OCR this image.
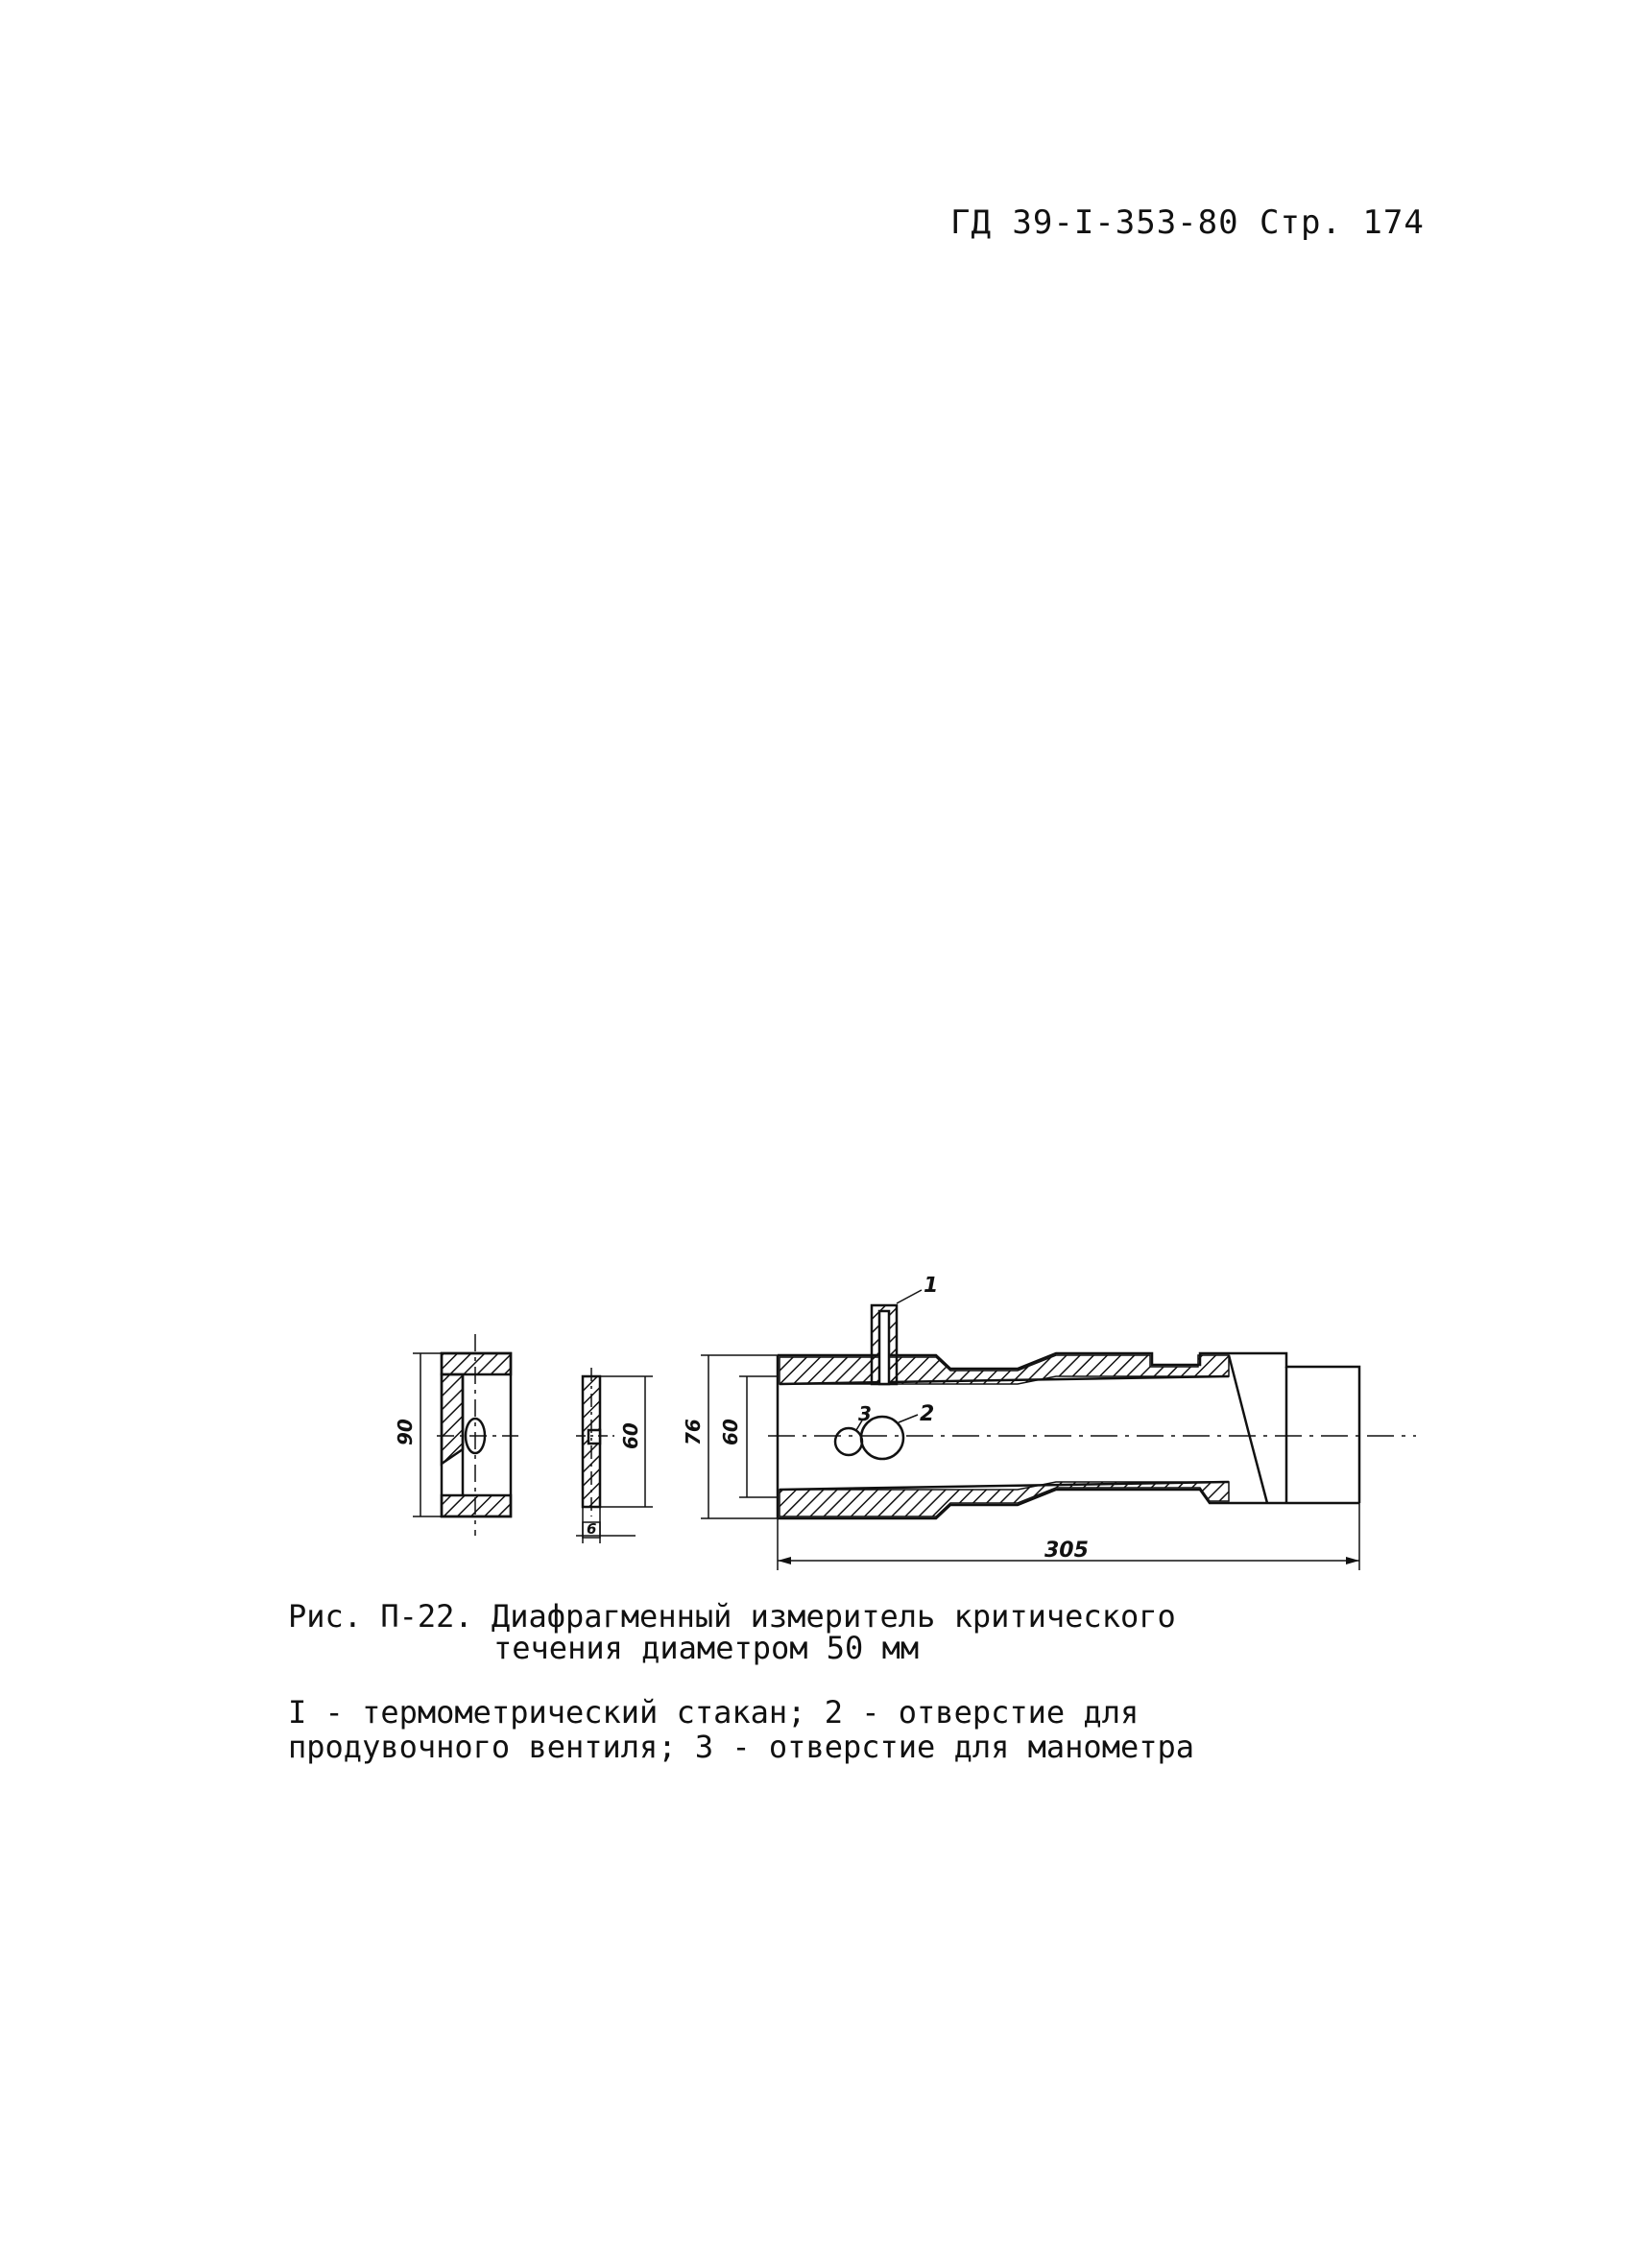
ГД 39-I-353-80 Стр. 174
90	60
6
76 60
305
1
2
3
Рис. П-22. Диафрагменный измеритель критического
течения диаметром 50 мм
I - термометрический стакан; 2 - отверстие для
продувочного вентиля; 3 - отверстие для манометра
